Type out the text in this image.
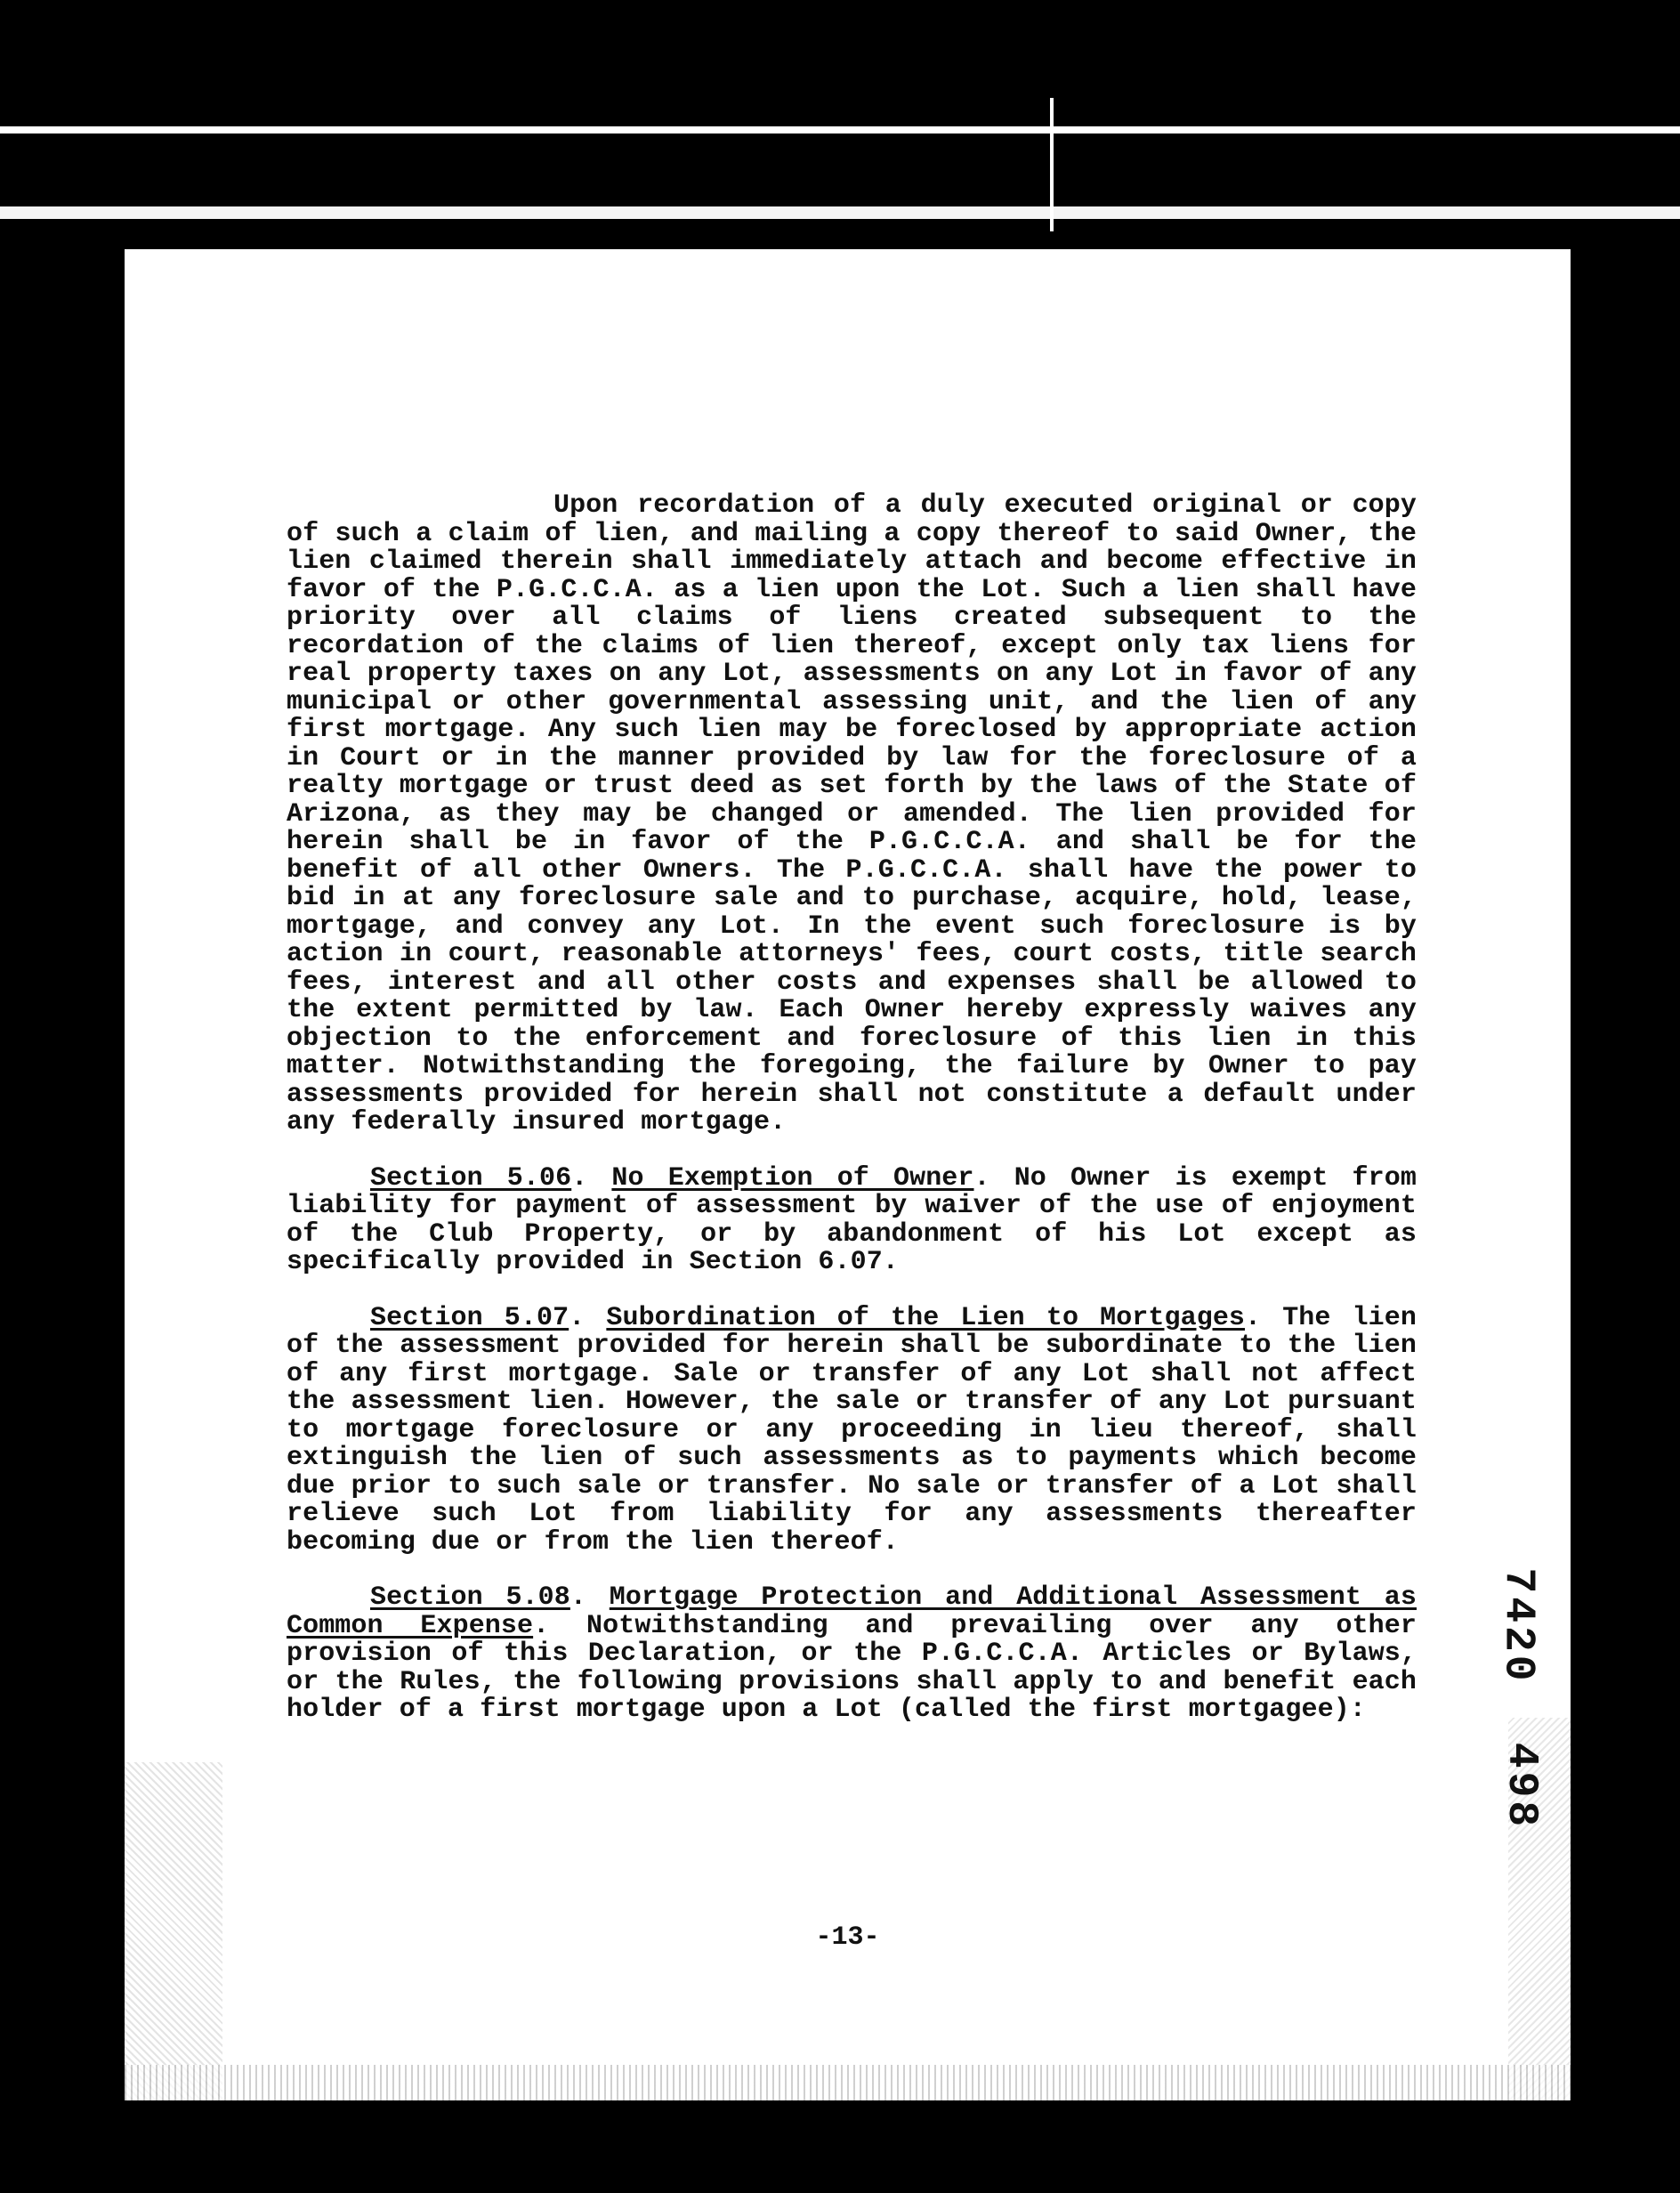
Upon recordation of a duly executed original or copy of such a claim of lien, and mailing a copy thereof to said Owner, the lien claimed therein shall immediately attach and become effective in favor of the P.G.C.C.A. as a lien upon the Lot. Such a lien shall have priority over all claims of liens created subsequent to the recordation of the claims of lien thereof, except only tax liens for real property taxes on any Lot, assessments on any Lot in favor of any municipal or other governmental assessing unit, and the lien of any first mortgage. Any such lien may be foreclosed by appropriate action in Court or in the manner provided by law for the foreclosure of a realty mortgage or trust deed as set forth by the laws of the State of Arizona, as they may be changed or amended. The lien provided for herein shall be in favor of the P.G.C.C.A. and shall be for the benefit of all other Owners. The P.G.C.C.A. shall have the power to bid in at any foreclosure sale and to purchase, acquire, hold, lease, mortgage, and convey any Lot. In the event such foreclosure is by action in court, reasonable attorneys' fees, court costs, title search fees, interest and all other costs and expenses shall be allowed to the extent permitted by law. Each Owner hereby expressly waives any objection to the enforcement and foreclosure of this lien in this matter. Notwithstanding the foregoing, the failure by Owner to pay assessments provided for herein shall not constitute a default under any federally insured mortgage.

Section 5.06. No Exemption of Owner. No Owner is exempt from liability for payment of assessment by waiver of the use of enjoyment of the Club Property, or by abandonment of his Lot except as specifically provided in Section 6.07.

Section 5.07. Subordination of the Lien to Mortgages. The lien of the assessment provided for herein shall be subordinate to the lien of any first mortgage. Sale or transfer of any Lot shall not affect the assessment lien. However, the sale or transfer of any Lot pursuant to mortgage foreclosure or any proceeding in lieu thereof, shall extinguish the lien of such assessments as to payments which become due prior to such sale or transfer. No sale or transfer of a Lot shall relieve such Lot from liability for any assessments thereafter becoming due or from the lien thereof.

Section 5.08. Mortgage Protection and Additional Assessment as Common Expense. Notwithstanding and prevailing over any other provision of this Declaration, or the P.G.C.C.A. Articles or Bylaws, or the Rules, the following provisions shall apply to and benefit each holder of a first mortgage upon a Lot (called the first mortgagee):

-13-
7420
498
